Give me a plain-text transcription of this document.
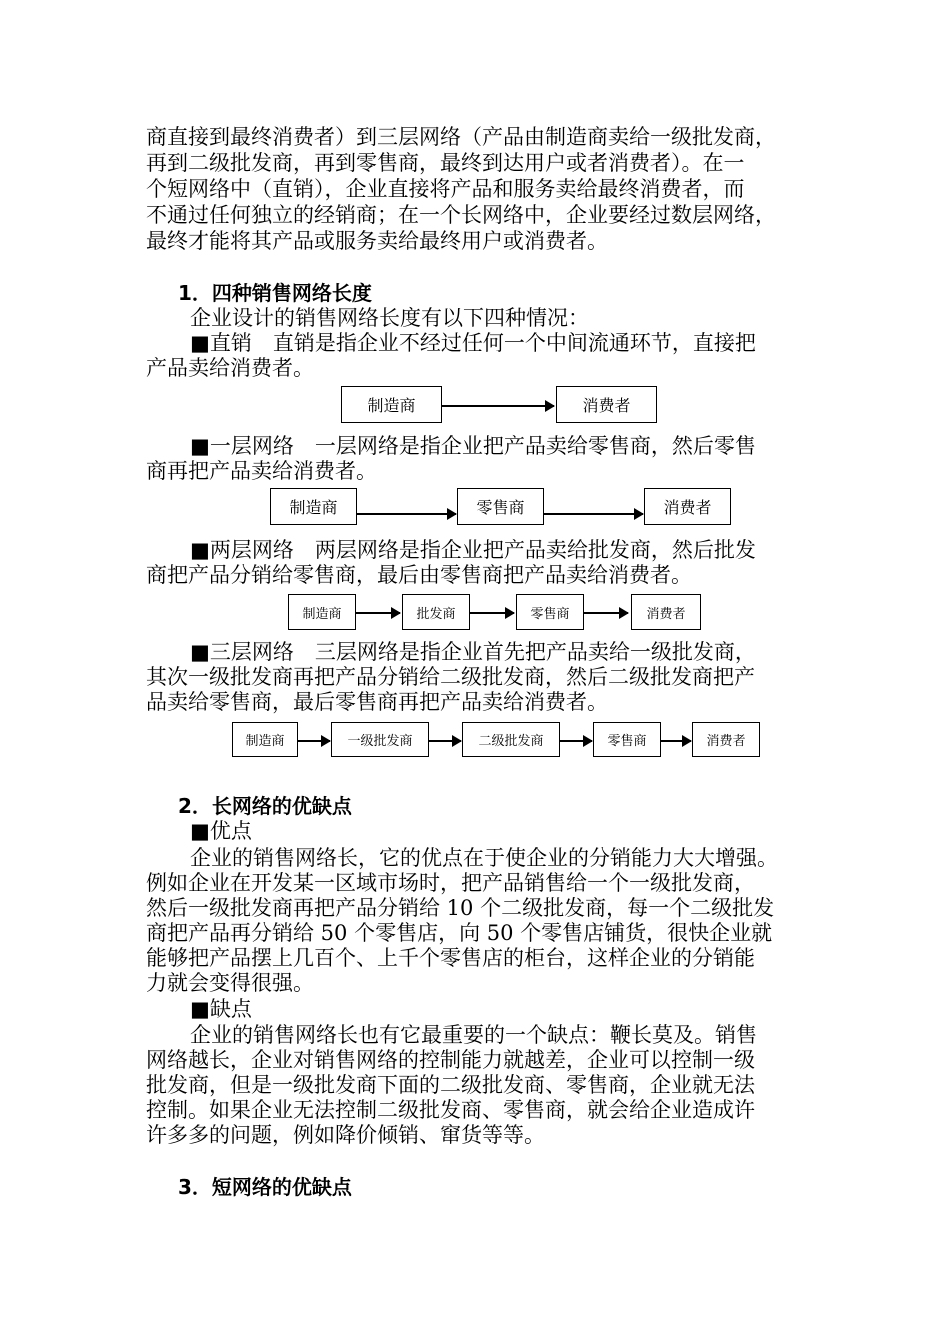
商直接到最终消费者）到三层网络（产品由制造商卖给一级批发商，
再到二级批发商，再到零售商，最终到达用户或者消费者）。在一
个短网络中（直销），企业直接将产品和服务卖给最终消费者，而
不通过任何独立的经销商；在一个长网络中，企业要经过数层网络，
最终才能将其产品或服务卖给最终用户或消费者。
1．四种销售网络长度
企业设计的销售网络长度有以下四种情况：
■直销　直销是指企业不经过任何一个中间流通环节，直接把
产品卖给消费者。
制造商	消费者
■一层网络　一层网络是指企业把产品卖给零售商，然后零售
商再把产品卖给消费者。
制造商	零售商	消费者
■两层网络　两层网络是指企业把产品卖给批发商，然后批发
商把产品分销给零售商，最后由零售商把产品卖给消费者。
制造商	批发商	零售商	消费者
■三层网络　三层网络是指企业首先把产品卖给一级批发商，
其次一级批发商再把产品分销给二级批发商，然后二级批发商把产
品卖给零售商，最后零售商再把产品卖给消费者。
制造商	一级批发商	二级批发商	零售商	消费者
2．长网络的优缺点
■优点
企业的销售网络长，它的优点在于使企业的分销能力大大增强。
例如企业在开发某一区域市场时，把产品销售给一个一级批发商，
然后一级批发商再把产品分销给 10 个二级批发商，每一个二级批发
商把产品再分销给 50 个零售店，向 50 个零售店铺货，很快企业就
能够把产品摆上几百个、上千个零售店的柜台，这样企业的分销能
力就会变得很强。
■缺点
企业的销售网络长也有它最重要的一个缺点：鞭长莫及。销售
网络越长，企业对销售网络的控制能力就越差，企业可以控制一级
批发商，但是一级批发商下面的二级批发商、零售商，企业就无法
控制。如果企业无法控制二级批发商、零售商，就会给企业造成许
许多多的问题，例如降价倾销、窜货等等。
3．短网络的优缺点
